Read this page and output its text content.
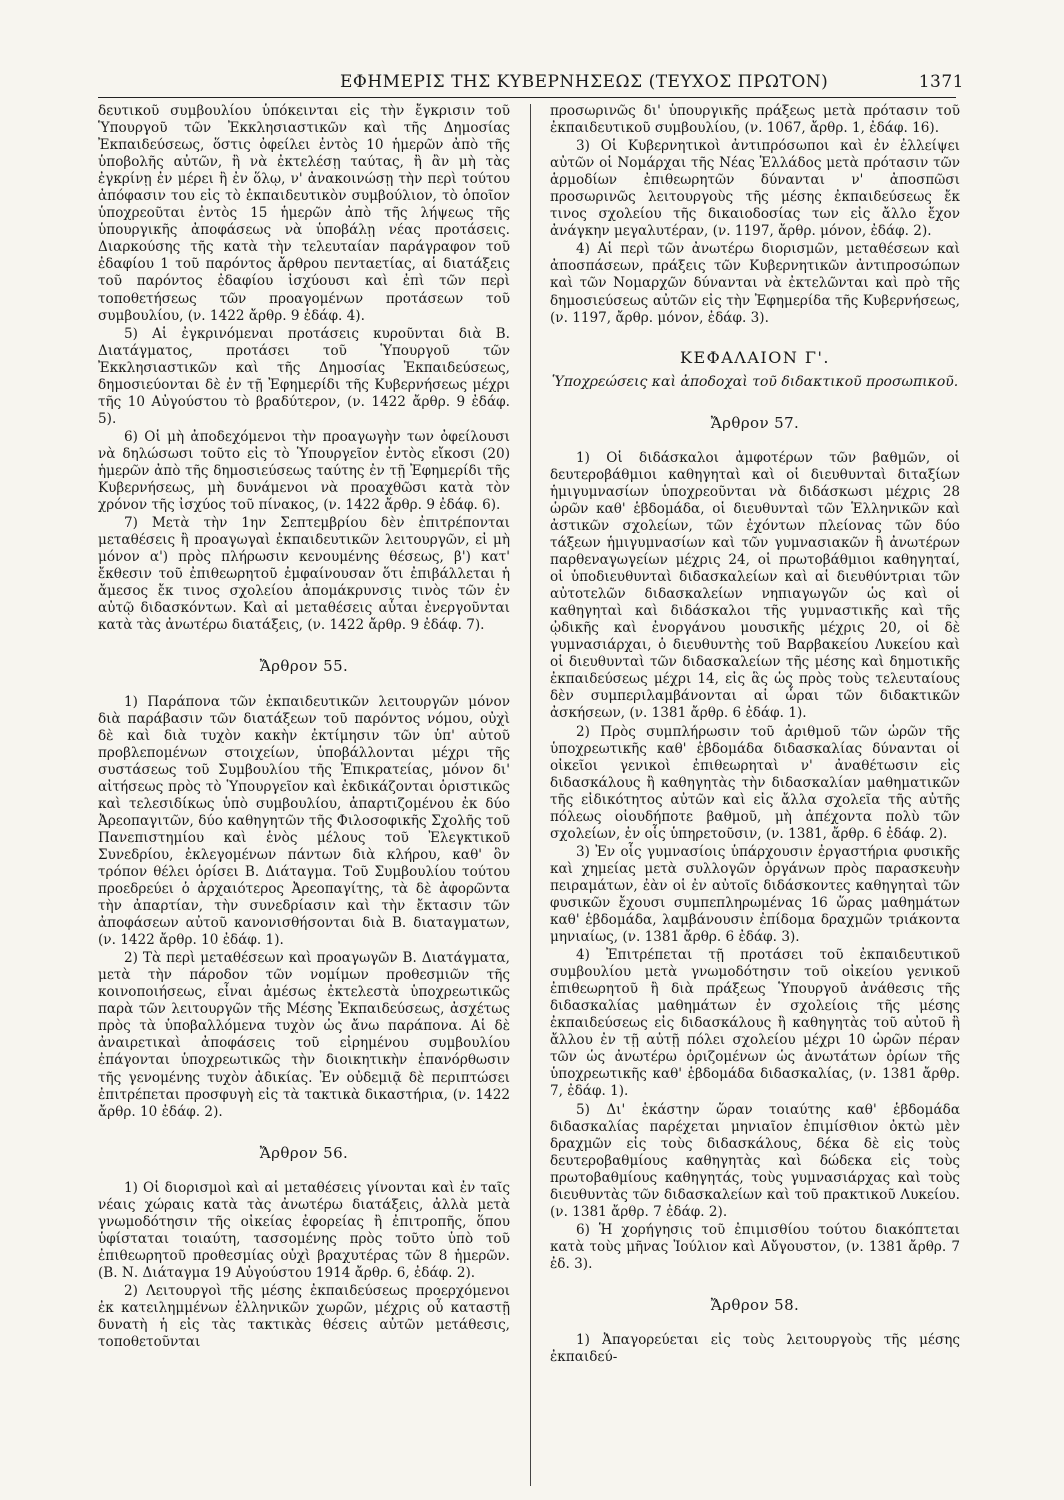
ΕΦΗΜΕΡΙΣ ΤΗΣ ΚΥΒΕΡΝΗΣΕΩΣ (ΤΕΥΧΟΣ ΠΡΩΤΟΝ)	1371

δευτικοῦ συμβουλίου ὑπόκεινται εἰς τὴν ἔγκρισιν τοῦ Ὑπουργοῦ τῶν Ἐκκλησιαστικῶν καὶ τῆς Δημοσίας Ἐκπαιδεύσεως, ὅστις ὀφείλει ἐντὸς 10 ἡμερῶν ἀπὸ τῆς ὑποβολῆς αὐτῶν, ἢ νὰ ἐκτελέσῃ ταύτας, ἢ ἂν μὴ τὰς ἐγκρίνῃ ἐν μέρει ἢ ἐν ὅλῳ, ν' ἀνακοινώσῃ τὴν περὶ τούτου ἀπόφασιν του εἰς τὸ ἐκπαιδευτικὸν συμβούλιον, τὸ ὁποῖον ὑποχρεοῦται ἐντὸς 15 ἡμερῶν ἀπὸ τῆς λήψεως τῆς ὑπουργικῆς ἀποφάσεως νὰ ὑποβάλῃ νέας προτάσεις. Διαρκούσης τῆς κατὰ τὴν τελευταίαν παράγραφον τοῦ ἐδαφίου 1 τοῦ παρόντος ἄρθρου πενταετίας, αἱ διατάξεις τοῦ παρόντος ἐδαφίου ἰσχύουσι καὶ ἐπὶ τῶν περὶ τοποθετήσεως τῶν προαγομένων προτάσεων τοῦ συμβουλίου, (ν. 1422 ἄρθρ. 9 ἐδάφ. 4).

5) Αἱ ἐγκρινόμεναι προτάσεις κυροῦνται διὰ Β. Διατάγματος, προτάσει τοῦ Ὑπουργοῦ τῶν Ἐκκλησιαστικῶν καὶ τῆς Δημοσίας Ἐκπαιδεύσεως, δημοσιεύονται δὲ ἐν τῇ Ἐφημερίδι τῆς Κυβερνήσεως μέχρι τῆς 10 Αὐγούστου τὸ βραδύτερον, (ν. 1422 ἄρθρ. 9 ἐδάφ. 5).

6) Οἱ μὴ ἀποδεχόμενοι τὴν προαγωγὴν των ὀφείλουσι νὰ δηλώσωσι τοῦτο εἰς τὸ Ὑπουργεῖον ἐντὸς εἴκοσι (20) ἡμερῶν ἀπὸ τῆς δημοσιεύσεως ταύτης ἐν τῇ Ἐφημερίδι τῆς Κυβερνήσεως, μὴ δυνάμενοι νὰ προαχθῶσι κατὰ τὸν χρόνον τῆς ἰσχύος τοῦ πίνακος, (ν. 1422 ἄρθρ. 9 ἐδάφ. 6).

7) Μετὰ τὴν 1ην Σεπτεμβρίου δὲν ἐπιτρέπονται μεταθέσεις ἢ προαγωγαὶ ἐκπαιδευτικῶν λειτουργῶν, εἰ μὴ μόνον α') πρὸς πλήρωσιν κενουμένης θέσεως, β') κατ' ἔκθεσιν τοῦ ἐπιθεωρητοῦ ἐμφαίνουσαν ὅτι ἐπιβάλλεται ἡ ἄμεσος ἔκ τινος σχολείου ἀπομάκρυνσις τινὸς τῶν ἐν αὐτῷ διδασκόντων. Καὶ αἱ μεταθέσεις αὗται ἐνεργοῦνται κατὰ τὰς ἀνωτέρω διατάξεις, (ν. 1422 ἄρθρ. 9 ἐδάφ. 7).

Ἄρθρον 55.

1) Παράπονα τῶν ἐκπαιδευτικῶν λειτουργῶν μόνον διὰ παράβασιν τῶν διατάξεων τοῦ παρόντος νόμου, οὐχὶ δὲ καὶ διὰ τυχὸν κακὴν ἐκτίμησιν τῶν ὑπ' αὐτοῦ προβλεπομένων στοιχείων, ὑποβάλλονται μέχρι τῆς συστάσεως τοῦ Συμβουλίου τῆς Ἐπικρατείας, μόνον δι' αἰτήσεως πρὸς τὸ Ὑπουργεῖον καὶ ἐκδικάζονται ὁριστικῶς καὶ τελεσιδίκως ὑπὸ συμβουλίου, ἀπαρτιζομένου ἐκ δύο Ἀρεοπαγιτῶν, δύο καθηγητῶν τῆς Φιλοσοφικῆς Σχολῆς τοῦ Πανεπιστημίου καὶ ἑνὸς μέλους τοῦ Ἐλεγκτικοῦ Συνεδρίου, ἐκλεγομένων πάντων διὰ κλήρου, καθ' ὃν τρόπον θέλει ὁρίσει Β. Διάταγμα. Τοῦ Συμβουλίου τούτου προεδρεύει ὁ ἀρχαιότερος Ἀρεοπαγίτης, τὰ δὲ ἀφορῶντα τὴν ἀπαρτίαν, τὴν συνεδρίασιν καὶ τὴν ἔκτασιν τῶν ἀποφάσεων αὐτοῦ κανονισθήσονται διὰ Β. διαταγματων, (ν. 1422 ἄρθρ. 10 ἐδάφ. 1).

2) Τὰ περὶ μεταθέσεων καὶ προαγωγῶν Β. Διατάγματα, μετὰ τὴν πάροδον τῶν νομίμων προθεσμιῶν τῆς κοινοποιήσεως, εἶναι ἀμέσως ἐκτελεστὰ ὑποχρεωτικῶς παρὰ τῶν λειτουργῶν τῆς Μέσης Ἐκπαιδεύσεως, ἀσχέτως πρὸς τὰ ὑποβαλλόμενα τυχὸν ὡς ἄνω παράπονα. Αἱ δὲ ἀναιρετικαὶ ἀποφάσεις τοῦ εἰρημένου συμβουλίου ἐπάγονται ὑποχρεωτικῶς τὴν διοικητικὴν ἐπανόρθωσιν τῆς γενομένης τυχὸν ἀδικίας. Ἐν οὐδεμιᾷ δὲ περιπτώσει ἐπιτρέπεται προσφυγὴ εἰς τὰ τακτικὰ δικαστήρια, (ν. 1422 ἄρθρ. 10 ἐδάφ. 2).

Ἄρθρον 56.

1) Οἱ διορισμοὶ καὶ αἱ μεταθέσεις γίνονται καὶ ἐν ταῖς νέαις χώραις κατὰ τὰς ἀνωτέρω διατάξεις, ἀλλὰ μετὰ γνωμοδότησιν τῆς οἰκείας ἐφορείας ἢ ἐπιτροπῆς, ὅπου ὑφίσταται τοιαύτη, τασσομένης πρὸς τοῦτο ὑπὸ τοῦ ἐπιθεωρητοῦ προθεσμίας οὐχὶ βραχυτέρας τῶν 8 ἡμερῶν. (Β. Ν. Διάταγμα 19 Αὐγούστου 1914 ἄρθρ. 6, ἐδάφ. 2).

2) Λειτουργοὶ τῆς μέσης ἐκπαιδεύσεως προερχόμενοι ἐκ κατειλημμένων ἑλληνικῶν χωρῶν, μέχρις οὗ καταστῇ δυνατὴ ἡ εἰς τὰς τακτικὰς θέσεις αὐτῶν μετάθεσις, τοποθετοῦνται

προσωρινῶς δι' ὑπουργικῆς πράξεως μετὰ πρότασιν τοῦ ἐκπαιδευτικοῦ συμβουλίου, (ν. 1067, ἄρθρ. 1, ἐδάφ. 16).

3) Οἱ Κυβερνητικοὶ ἀντιπρόσωποι καὶ ἐν ἐλλείψει αὐτῶν οἱ Νομάρχαι τῆς Νέας Ἑλλάδος μετὰ πρότασιν τῶν ἁρμοδίων ἐπιθεωρητῶν δύνανται ν' ἀποσπῶσι προσωρινῶς λειτουργοὺς τῆς μέσης ἐκπαιδεύσεως ἔκ τινος σχολείου τῆς δικαιοδοσίας των εἰς ἄλλο ἔχον ἀνάγκην μεγαλυτέραν, (ν. 1197, ἄρθρ. μόνον, ἐδάφ. 2).

4) Αἱ περὶ τῶν ἀνωτέρω διορισμῶν, μεταθέσεων καὶ ἀποσπάσεων, πράξεις τῶν Κυβερνητικῶν ἀντιπροσώπων καὶ τῶν Νομαρχῶν δύνανται νὰ ἐκτελῶνται καὶ πρὸ τῆς δημοσιεύσεως αὐτῶν εἰς τὴν Ἐφημερίδα τῆς Κυβερνήσεως, (ν. 1197, ἄρθρ. μόνον, ἐδάφ. 3).

ΚΕΦΑΛΑΙΟΝ Γ'.
Ὑποχρεώσεις καὶ ἀποδοχαὶ τοῦ διδακτικοῦ προσωπικοῦ.
Ἄρθρον 57.

1) Οἱ διδάσκαλοι ἀμφοτέρων τῶν βαθμῶν, οἱ δευτεροβάθμιοι καθηγηταὶ καὶ οἱ διευθυνταὶ διταξίων ἡμιγυμνασίων ὑποχρεοῦνται νὰ διδάσκωσι μέχρις 28 ὡρῶν καθ' ἑβδομάδα, οἱ διευθυνταὶ τῶν Ἑλληνικῶν καὶ ἀστικῶν σχολείων, τῶν ἐχόντων πλείονας τῶν δύο τάξεων ἡμιγυμνασίων καὶ τῶν γυμνασιακῶν ἢ ἀνωτέρων παρθεναγωγείων μέχρις 24, οἱ πρωτοβάθμιοι καθηγηταί, οἱ ὑποδιευθυνταὶ διδασκαλείων καὶ αἱ διευθύντριαι τῶν αὐτοτελῶν διδασκαλείων νηπιαγωγῶν ὡς καὶ οἱ καθηγηταὶ καὶ διδάσκαλοι τῆς γυμναστικῆς καὶ τῆς ᾠδικῆς καὶ ἐνοργάνου μουσικῆς μέχρις 20, οἱ δὲ γυμνασιάρχαι, ὁ διευθυντὴς τοῦ Βαρβακείου Λυκείου καὶ οἱ διευθυνταὶ τῶν διδασκαλείων τῆς μέσης καὶ δημοτικῆς ἐκπαιδεύσεως μέχρι 14, εἰς ἃς ὡς πρὸς τοὺς τελευταίους δὲν συμπεριλαμβάνονται αἱ ὧραι τῶν διδακτικῶν ἀσκήσεων, (ν. 1381 ἄρθρ. 6 ἐδάφ. 1).

2) Πρὸς συμπλήρωσιν τοῦ ἀριθμοῦ τῶν ὡρῶν τῆς ὑποχρεωτικῆς καθ' ἑβδομάδα διδασκαλίας δύνανται οἱ οἰκεῖοι γενικοὶ ἐπιθεωρηταὶ ν' ἀναθέτωσιν εἰς διδασκάλους ἢ καθηγητὰς τὴν διδασκαλίαν μαθηματικῶν τῆς εἰδικότητος αὐτῶν καὶ εἰς ἄλλα σχολεῖα τῆς αὐτῆς πόλεως οἱουδήποτε βαθμοῦ, μὴ ἀπέχοντα πολὺ τῶν σχολείων, ἐν οἷς ὑπηρετοῦσιν, (ν. 1381, ἄρθρ. 6 ἐδάφ. 2).

3) Ἐν οἷς γυμνασίοις ὑπάρχουσιν ἐργαστήρια φυσικῆς καὶ χημείας μετὰ συλλογῶν ὀργάνων πρὸς παρασκευὴν πειραμάτων, ἐὰν οἱ ἐν αὐτοῖς διδάσκοντες καθηγηταὶ τῶν φυσικῶν ἔχουσι συμπεπληρωμένας 16 ὥρας μαθημάτων καθ' ἑβδομάδα, λαμβάνουσιν ἐπίδομα δραχμῶν τριάκοντα μηνιαίως, (ν. 1381 ἄρθρ. 6 ἐδάφ. 3).

4) Ἐπιτρέπεται τῇ προτάσει τοῦ ἐκπαιδευτικοῦ συμβουλίου μετὰ γνωμοδότησιν τοῦ οἰκείου γενικοῦ ἐπιθεωρητοῦ ἢ διὰ πράξεως Ὑπουργοῦ ἀνάθεσις τῆς διδασκαλίας μαθημάτων ἐν σχολείοις τῆς μέσης ἐκπαιδεύσεως εἰς διδασκάλους ἢ καθηγητὰς τοῦ αὐτοῦ ἢ ἄλλου ἐν τῇ αὐτῇ πόλει σχολείου μέχρι 10 ὡρῶν πέραν τῶν ὡς ἀνωτέρω ὁριζομένων ὡς ἀνωτάτων ὁρίων τῆς ὑποχρεωτικῆς καθ' ἑβδομάδα διδασκαλίας, (ν. 1381 ἄρθρ. 7, ἐδάφ. 1).

5) Δι' ἑκάστην ὥραν τοιαύτης καθ' ἑβδομάδα διδασκαλίας παρέχεται μηνιαῖον ἐπιμίσθιον ὀκτὼ μὲν δραχμῶν εἰς τοὺς διδασκάλους, δέκα δὲ εἰς τοὺς δευτεροβαθμίους καθηγητὰς καὶ δώδεκα εἰς τοὺς πρωτοβαθμίους καθηγητάς, τοὺς γυμνασιάρχας καὶ τοὺς διευθυντὰς τῶν διδασκαλείων καὶ τοῦ πρακτικοῦ Λυκείου. (ν. 1381 ἄρθρ. 7 ἐδάφ. 2).

6) Ἡ χορήγησις τοῦ ἐπιμισθίου τούτου διακόπτεται κατὰ τοὺς μῆνας Ἰούλιον καὶ Αὔγουστον, (ν. 1381 ἄρθρ. 7 ἐδ. 3).

Ἄρθρον 58.

1) Ἀπαγορεύεται εἰς τοὺς λειτουργοὺς τῆς μέσης ἐκπαιδεύ-
